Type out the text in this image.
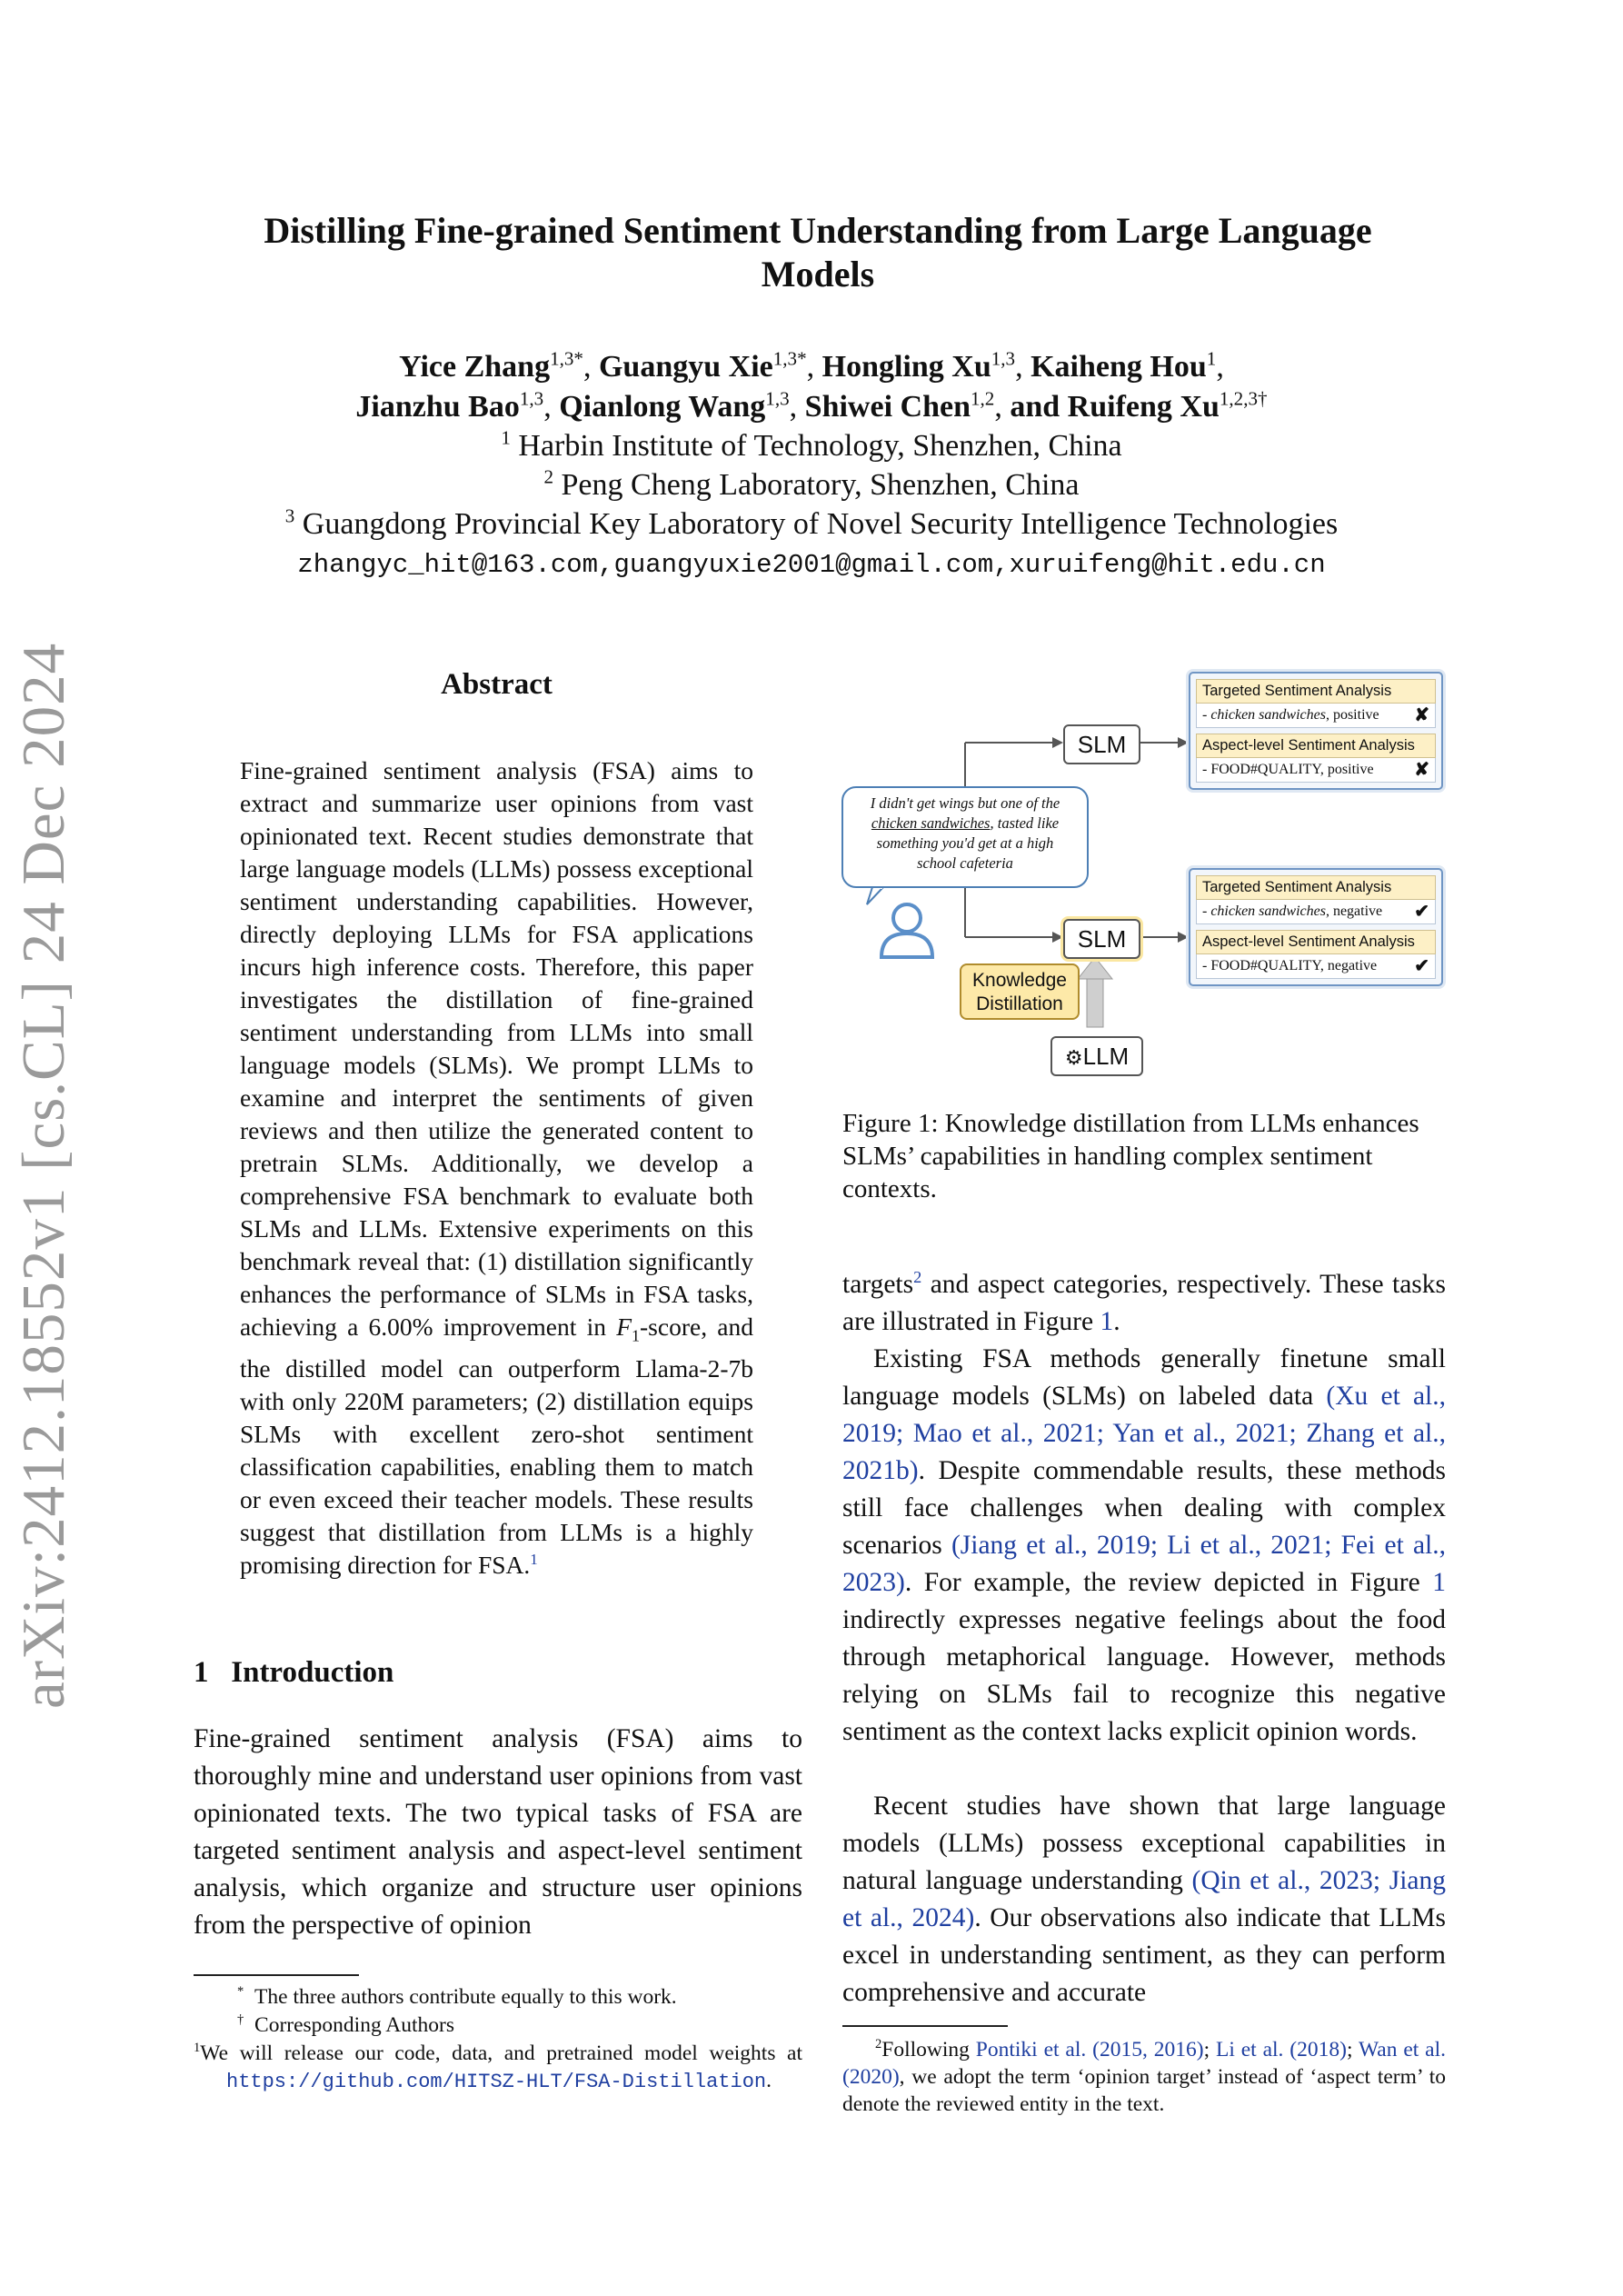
arXiv:2412.18552v1 [cs.CL] 24 Dec 2024
Distilling Fine-grained Sentiment Understanding from Large Language
Models
Yice Zhang$^{1,3*}$, Guangyu Xie$^{1,3*}$, Hongling Xu$^{1,3}$, Kaiheng Hou$^1$,
Jianzhu Bao$^{1,3}$, Qianlong Wang$^{1,3}$, Shiwei Chen$^{1,2}$, and Ruifeng $Xu^{1,2,3\dagger}$
$^1$ Harbin Institute of Technology, Shenzhen, China
$^2$ Peng Cheng Laboratory, Shenzhen, China
$^3$ Guangdong Provincial Key Laboratory of Novel Security Intelligence Technologies
zhangyc_hit@163.com,guangyuxie2001@gmail.com,xuruifeng@hit.edu.cn
Abstract
Fine-grained sentiment analysis (FSA) aims to extract and summarize user opinions from vast opinionated text. Recent studies demonstrate that large language models (LLMs) possess exceptional sentiment understanding capabilities. However, directly deploying LLMs for FSA applications incurs high inference costs. Therefore, this paper investigates the distillation of fine-grained sentiment understanding from LLMs into small language models (SLMs). We prompt LLMs to examine and interpret the sentiments of given reviews and then utilize the generated content to pretrain SLMs. Additionally, we develop a comprehensive FSA benchmark to evaluate both SLMs and LLMs. Extensive experiments on this benchmark reveal that: (1) distillation significantly enhances the performance of SLMs in FSA tasks, achieving a 6.00% improvement in $F_1$-score, and the distilled model can outperform Llama-2-7b with only 220M parameters; (2) distillation equips SLMs with excellent zero-shot sentiment classification capabilities, enabling them to match or even exceed their teacher models. These results suggest that distillation from LLMs is a highly promising direction for FSA.$^1$
1 Introduction
Fine-grained sentiment analysis (FSA) aims to thoroughly mine and understand user opinions from vast opinionated texts. The two typical tasks of FSA are targeted sentiment analysis and aspect-level sentiment analysis, which organize and structure user opinions from the perspective of opinion
* The three authors contribute equally to this work.
† Corresponding Authors
$^1$We will release our code, data, and pretrained model weights at https://github.com/HITSZ-HLT/FSA-Distillation.
I didn't get wings but one of the
chicken sandwiches, tasted like
something you'd get at a high
school cafeteria
SLM
SLM
⚙LLM
Knowledge
Distillation
Targeted Sentiment Analysis
- chicken sandwiches, positive ✘
Aspect-level Sentiment Analysis
- FOOD#QUALITY, positive ✘
Targeted Sentiment Analysis
- chicken sandwiches, negative ✔
Aspect-level Sentiment Analysis
- FOOD#QUALITY, negative ✔
Figure 1: Knowledge distillation from LLMs enhances SLMs’ capabilities in handling complex sentiment contexts.
targets$^2$ and aspect categories, respectively. These tasks are illustrated in Figure 1.
Existing FSA methods generally finetune small language models (SLMs) on labeled data (Xu et al., 2019; Mao et al., 2021; Yan et al., 2021; Zhang et al., 2021b). Despite commendable results, these methods still face challenges when dealing with complex scenarios (Jiang et al., 2019; Li et al., 2021; Fei et al., 2023). For example, the review depicted in Figure 1 indirectly expresses negative feelings about the food through metaphorical language. However, methods relying on SLMs fail to recognize this negative sentiment as the context lacks explicit opinion words.
Recent studies have shown that large language models (LLMs) possess exceptional capabilities in natural language understanding (Qin et al., 2023; Jiang et al., 2024). Our observations also indicate that LLMs excel in understanding sentiment, as they can perform comprehensive and accurate
$^2$Following Pontiki et al. (2015, 2016); Li et al. (2018); Wan et al. (2020), we adopt the term ‘opinion target’ instead of ‘aspect term’ to denote the reviewed entity in the text.
